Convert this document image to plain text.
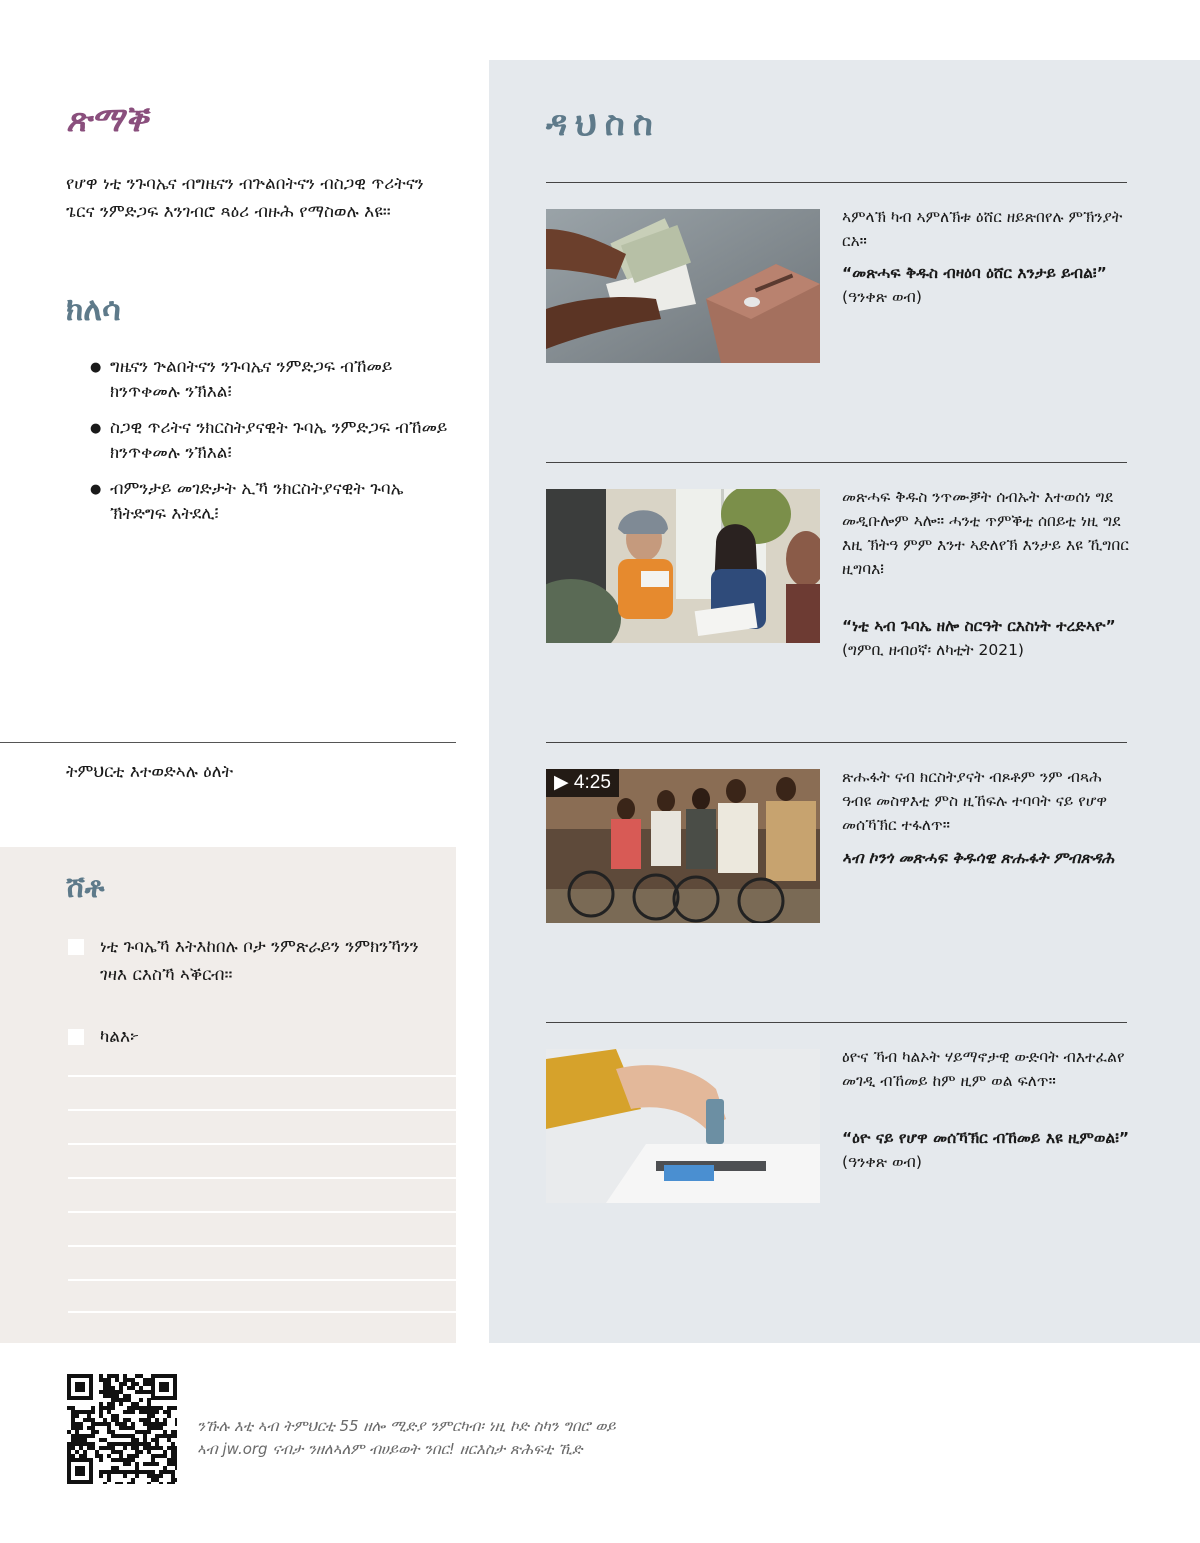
ጽማቕ
የሆዋ ነቲ ንጉባኤና ብግዜናን ብጕልበትናን ብስጋዊ ጥሪትናን ጌርና ንምድጋፍ እንገብሮ ጻዕሪ ብዙሕ የማስወሉ እዩ።
ክለሳ
● ግዜናን ጕልበትናን ንጉባኤና ንምድጋፍ ብኸመይ ክንጥቀመሉ ንኽእል፧
● ስጋዊ ጥሪትና ንክርስትያናዊት ጉባኤ ንምድጋፍ ብኸመይ ክንጥቀመሉ ንኽእል፧
● ብምንታይ መገድታት ኢኻ ንክርስትያናዊት ጉባኤ ኽትድግፍ እትደሊ፧
ትምህርቲ እተወድኣሉ ዕለት
ሸቶ
ነቲ ጉባኤኻ እትእከበሉ ቦታ ንምጽራይን ንምክንኻንን ገዛእ ርእስኻ ኣቕርብ።
ካልእ፦
ዳህስስ
ኣምላኽ ካብ ኣምለኽቱ ዕሸር ዘይጽበየሉ ምኽንያት ርአ።
“መጽሓፍ ቅዱስ ብዛዕባ ዕሸር እንታይ ይብል፧” (ዓንቀጽ ወብ)
መጽሓፍ ቅዱስ ንጥሙቓት ሰብኡት እተወሰነ ግደ መዲቡሎም ኣሎ። ሓንቲ ጥምቕቲ ሰበይቲ ነዚ ግደ እዚ ኽትዓ ምም እንተ ኣድለየኽ እንታይ እዩ ኺግበር ዚግባእ፧
“ነቲ ኣብ ጉባኤ ዘሎ ስርዓት ርእስነት ተረድኣዮ”
(ግምቢ ዘብዐኛ፡ ለካቲት 2021)
▶ 4:25	ጽሑፋት ናብ ክርስትያናት ብጾቶም ንም ብጻሕ ዓብዩ መስዋእቲ ምስ ዚኸፍሉ ተባባት ናይ የሆዋ መሰኻኽር ተፋለጥ።
ኣብ ኮንጎ መጽሓፍ ቅዱሳዊ ጽሑፋት ምብጽዳሕ
ዕዮና ኻብ ካልኦት ሃይማኖታዊ ውድባት ብእተፈልየ መገዲ ብኸመይ ከም ዚም ወል ፍለጥ።
“ዕዮ ናይ የሆዋ መሰኻኽር ብኸመይ እዩ ዚምወል፧” (ዓንቀጽ ወብ)
ንኹሉ እቲ ኣብ ትምህርቲ 55 ዘሎ ሚድያ ንምርካብ፡ ነዚ ኮድ ስካን ግበሮ ወይ ኣብ jw.org ናብታ ንዘለኣለም ብሀይወት ንበር! ዘርእስታ ጽሕፍቲ ኺድ
